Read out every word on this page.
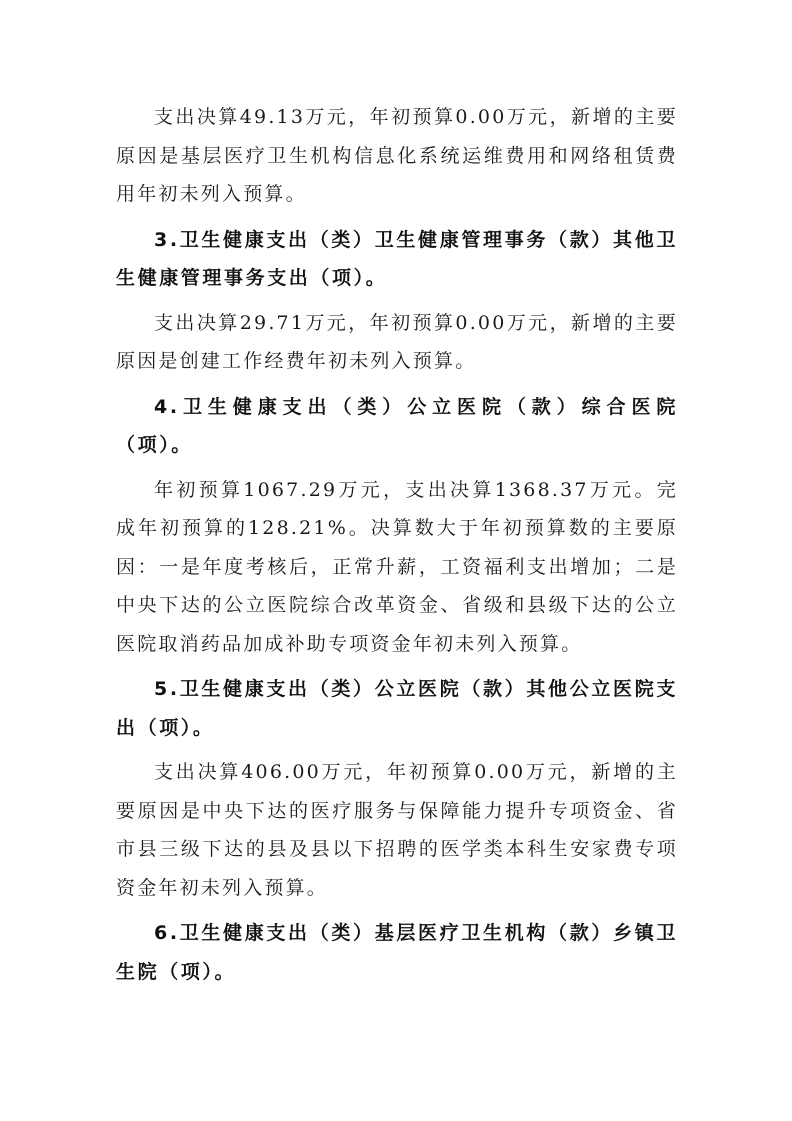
支出决算49.13万元，年初预算0.00万元，新增的主要原因是基层医疗卫生机构信息化系统运维费用和网络租赁费用年初未列入预算。

3.卫生健康支出（类）卫生健康管理事务（款）其他卫生健康管理事务支出（项）。

支出决算29.71万元，年初预算0.00万元，新增的主要原因是创建工作经费年初未列入预算。

4.卫生健康支出（类）公立医院（款）综合医院（项）。

年初预算1067.29万元，支出决算1368.37万元。完成年初预算的128.21%。决算数大于年初预算数的主要原因：一是年度考核后，正常升薪，工资福利支出增加；二是中央下达的公立医院综合改革资金、省级和县级下达的公立医院取消药品加成补助专项资金年初未列入预算。

5.卫生健康支出（类）公立医院（款）其他公立医院支出（项）。

支出决算406.00万元，年初预算0.00万元，新增的主要原因是中央下达的医疗服务与保障能力提升专项资金、省市县三级下达的县及县以下招聘的医学类本科生安家费专项资金年初未列入预算。

6.卫生健康支出（类）基层医疗卫生机构（款）乡镇卫生院（项）。
